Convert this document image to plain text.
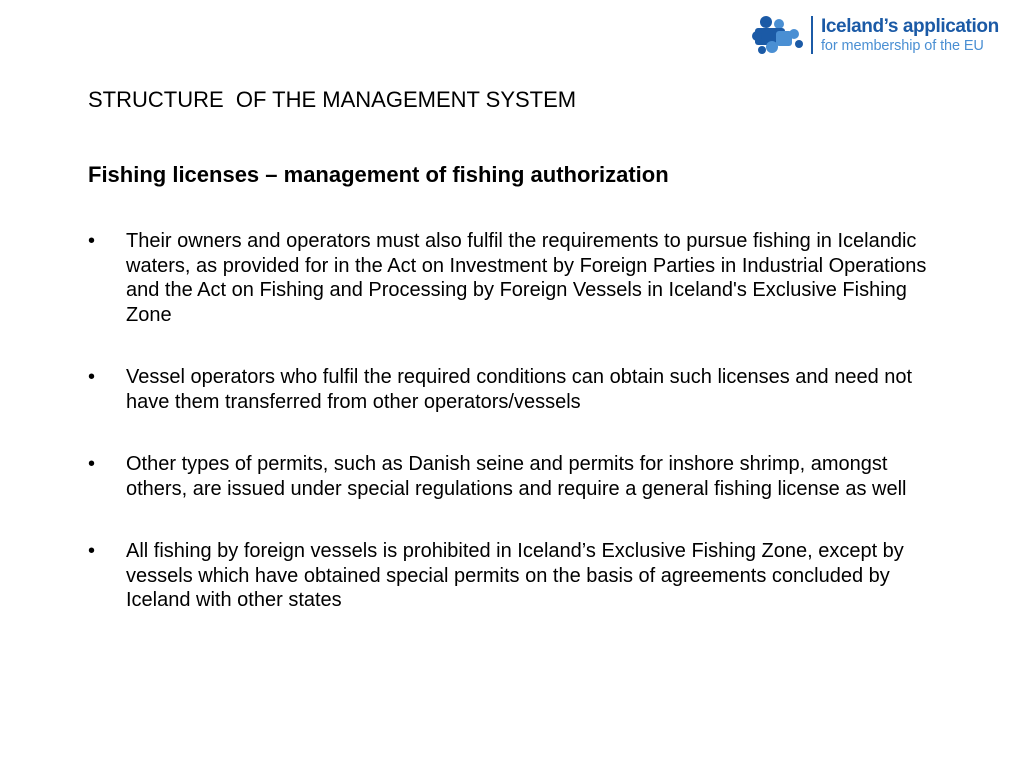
Iceland’s application
for membership of the EU
STRUCTURE  OF THE MANAGEMENT SYSTEM
Fishing licenses – management of fishing authorization
• Their owners and operators must also fulfil the requirements to pursue fishing in Icelandic waters, as provided for in the Act on Investment by Foreign Parties in Industrial Operations and the Act on Fishing and Processing by Foreign Vessels in Iceland's Exclusive Fishing Zone
• Vessel operators who fulfil the required conditions can obtain such licenses and need not have them transferred from other operators/vessels
• Other types of permits, such as Danish seine and permits for inshore shrimp, amongst others, are issued under special regulations and require a general fishing license as well
• All fishing by foreign vessels is prohibited in Iceland’s Exclusive Fishing Zone, except by vessels which have obtained special permits on the basis of agreements concluded by Iceland with other states
